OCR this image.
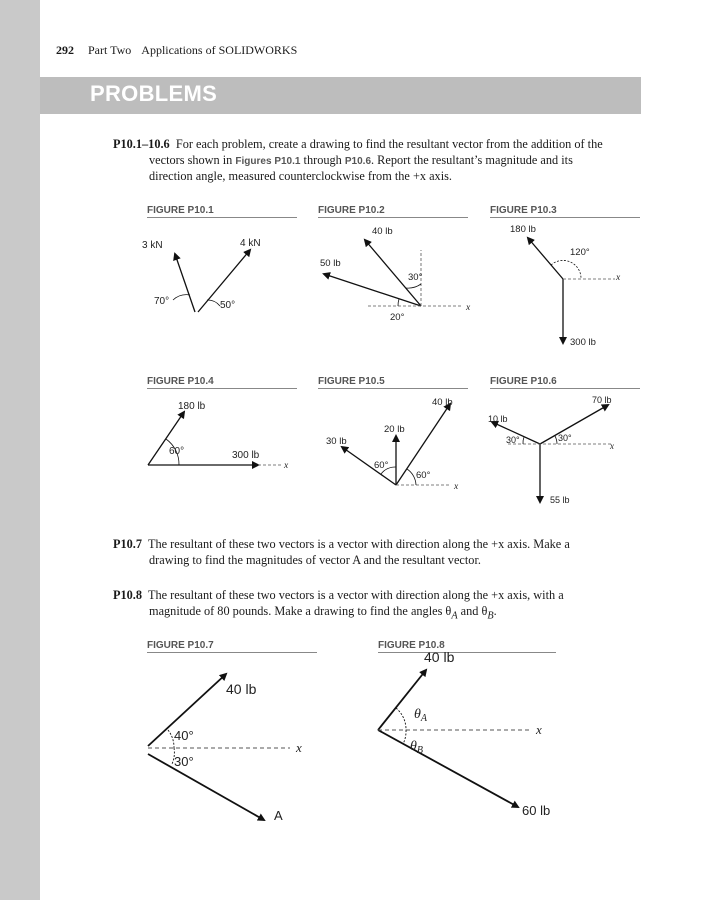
292 Part Two Applications of SOLIDWORKS
PROBLEMS

P10.1–10.6 For each problem, create a drawing to find the resultant vector from the addition of the vectors shown in Figures P10.1 through P10.6. Report the resultant’s magnitude and its direction angle, measured counterclockwise from the +x axis.

FIGURE P10.1	FIGURE P10.2	FIGURE P10.3
FIGURE P10.4	FIGURE P10.5	FIGURE P10.6
3 kN	4 kN
70°	50°
40 lb
50 lb
30°
20°
x
180 lb
120°
x
300 lb
180 lb
60°	300 lb
x
40 lb
20 lb
30 lb
60°
60°
x
70 lb
10 lb
30°	30°
x
55 lb

P10.7 The resultant of these two vectors is a vector with direction along the +x axis. Make a drawing to find the magnitudes of vector A and the resultant vector.

P10.8 The resultant of these two vectors is a vector with direction along the +x axis, with a magnitude of 80 pounds. Make a drawing to find the angles $\theta_A$ and $\theta_B$.

FIGURE P10.7	FIGURE P10.8
40 lb
40°
30°
x
A
40 lb
$\theta_A$
$\theta_B$
x
60 lb
